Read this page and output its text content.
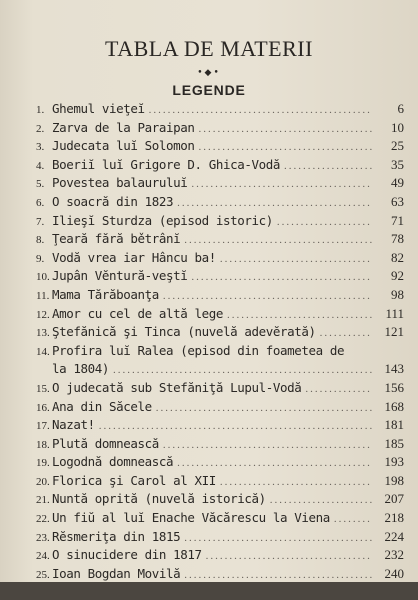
TABLA DE MATERII
•◆•
LEGENDE
1. Ghemul vieţeĭ .....	6
2. Zarva de la Paraipan .....	10
3. Judecata luĭ Solomon .....	25
4. Boeriĭ luĭ Grigore D. Ghica-Vodă .....	35
5. Povestea balauruluĭ .....	49
6. O soacră din 1823 .....	63
7. Ilieşĭ Sturdza (episod istoric) .....	71
8. Ţeară fără bětrânĭ .....	78
9. Vodă vrea iar Hâncu ba! .....	82
10. Jupân Vĕntură-veştĭ .....	92
11. Mama Tărăboanţa .....	98
12. Amor cu cel de altă lege .....	111
13. Ştefănică şi Tinca (nuvelă adevĕrată) .....	121
14. Profira luĭ Ralea (episod din foametea de
la 1804) .....	143
15. O judecată sub Stefăniţă Lupul-Vodă .....	156
16. Ana din Săcele .....	168
17. Nazat! .....	181
18. Plută domnească .....	185
19. Logodnă domnească .....	193
20. Florica şi Carol al XII .....	198
21. Nuntă oprită (nuvelă istorică) .....	207
22. Un fiŭ al luĭ Enache Văcărescu la Viena .....	218
23. Rĕsmeriţa din 1815 .....	224
24. O sinucidere din 1817 .....	232
25. Ioan Bogdan Movilă .....	240
